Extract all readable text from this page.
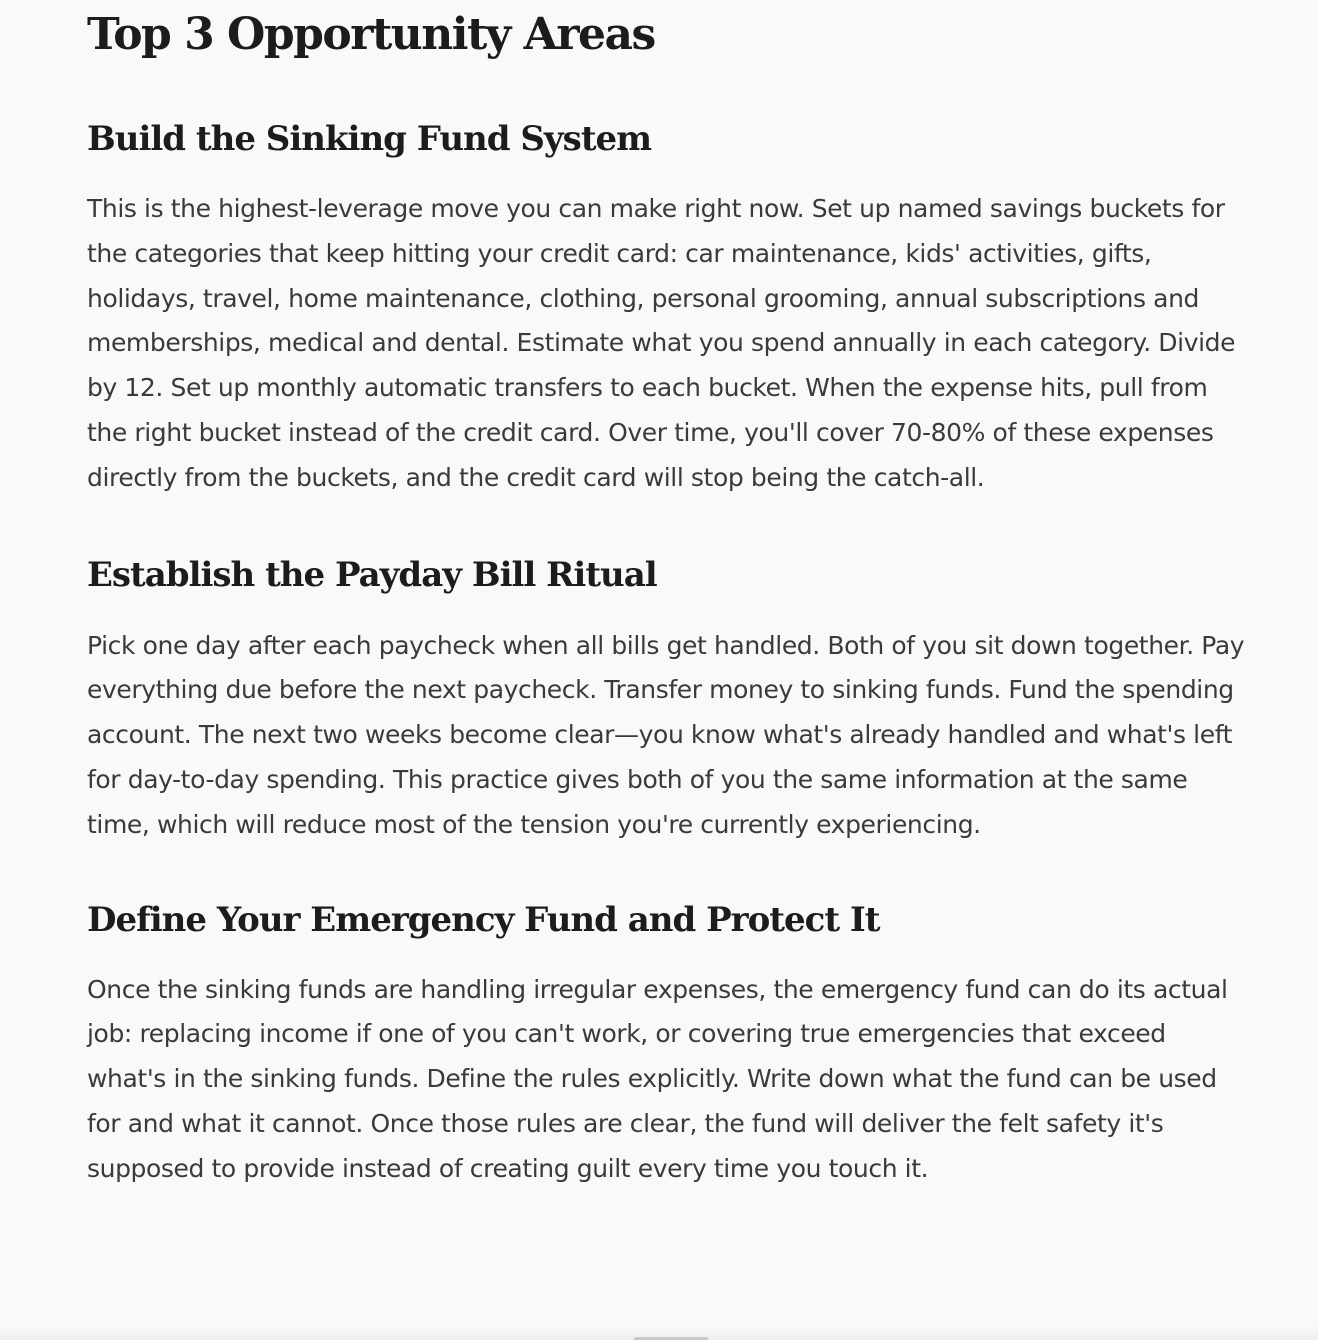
Top 3 Opportunity Areas
Build the Sinking Fund System

This is the highest-leverage move you can make right now. Set up named savings buckets for the categories that keep hitting your credit card: car maintenance, kids' activities, gifts, holidays, travel, home maintenance, clothing, personal grooming, annual subscriptions and memberships, medical and dental. Estimate what you spend annually in each category. Divide by 12. Set up monthly automatic transfers to each bucket. When the expense hits, pull from the right bucket instead of the credit card. Over time, you'll cover 70-80% of these expenses directly from the buckets, and the credit card will stop being the catch-all.

Establish the Payday Bill Ritual

Pick one day after each paycheck when all bills get handled. Both of you sit down together. Pay everything due before the next paycheck. Transfer money to sinking funds. Fund the spending account. The next two weeks become clear—you know what's already handled and what's left for day-to-day spending. This practice gives both of you the same information at the same time, which will reduce most of the tension you're currently experiencing.

Define Your Emergency Fund and Protect It

Once the sinking funds are handling irregular expenses, the emergency fund can do its actual job: replacing income if one of you can't work, or covering true emergencies that exceed what's in the sinking funds. Define the rules explicitly. Write down what the fund can be used for and what it cannot. Once those rules are clear, the fund will deliver the felt safety it's supposed to provide instead of creating guilt every time you touch it.
